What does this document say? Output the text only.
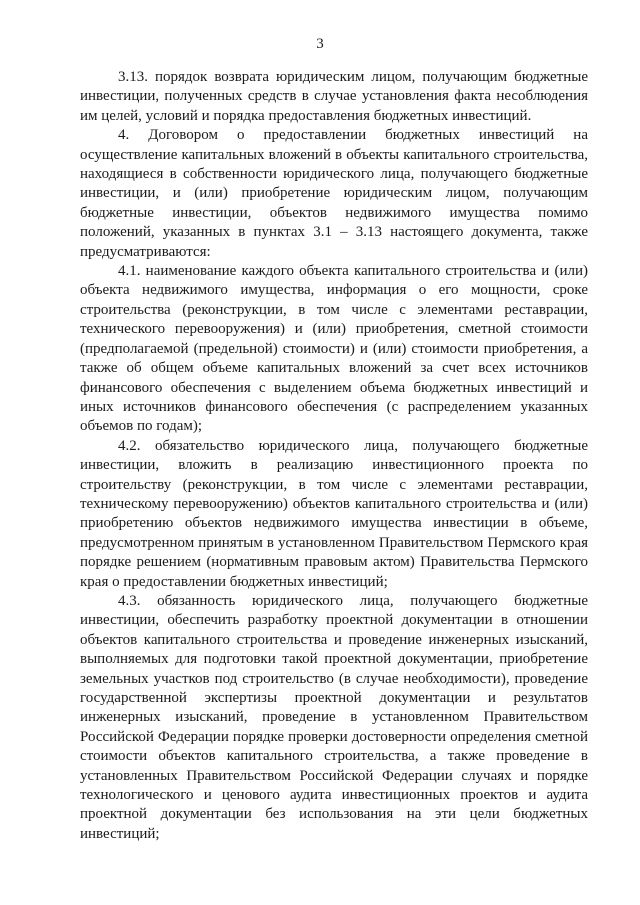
3

3.13. порядок возврата юридическим лицом, получающим бюджетные инвестиции, полученных средств в случае установления факта несоблюдения им целей, условий и порядка предоставления бюджетных инвестиций.

4. Договором о предоставлении бюджетных инвестиций на осуществление капитальных вложений в объекты капитального строительства, находящиеся в собственности юридического лица, получающего бюджетные инвестиции, и (или) приобретение юридическим лицом, получающим бюджетные инвестиции, объектов недвижимого имущества помимо положений, указанных в пунктах 3.1 – 3.13 настоящего документа, также предусматриваются:

4.1. наименование каждого объекта капитального строительства и (или) объекта недвижимого имущества, информация о его мощности, сроке строительства (реконструкции, в том числе с элементами реставрации, технического перевооружения) и (или) приобретения, сметной стоимости (предполагаемой (предельной) стоимости) и (или) стоимости приобретения, а также об общем объеме капитальных вложений за счет всех источников финансового обеспечения с выделением объема бюджетных инвестиций и иных источников финансового обеспечения (с распределением указанных объемов по годам);

4.2. обязательство юридического лица, получающего бюджетные инвестиции, вложить в реализацию инвестиционного проекта по строительству (реконструкции, в том числе с элементами реставрации, техническому перевооружению) объектов капитального строительства и (или) приобретению объектов недвижимого имущества инвестиции в объеме, предусмотренном принятым в установленном Правительством Пермского края порядке решением (нормативным правовым актом) Правительства Пермского края о предоставлении бюджетных инвестиций;

4.3. обязанность юридического лица, получающего бюджетные инвестиции, обеспечить разработку проектной документации в отношении объектов капитального строительства и проведение инженерных изысканий, выполняемых для подготовки такой проектной документации, приобретение земельных участков под строительство (в случае необходимости), проведение государственной экспертизы проектной документации и результатов инженерных изысканий, проведение в установленном Правительством Российской Федерации порядке проверки достоверности определения сметной стоимости объектов капитального строительства, а также проведение в установленных Правительством Российской Федерации случаях и порядке технологического и ценового аудита инвестиционных проектов и аудита проектной документации без использования на эти цели бюджетных инвестиций;
